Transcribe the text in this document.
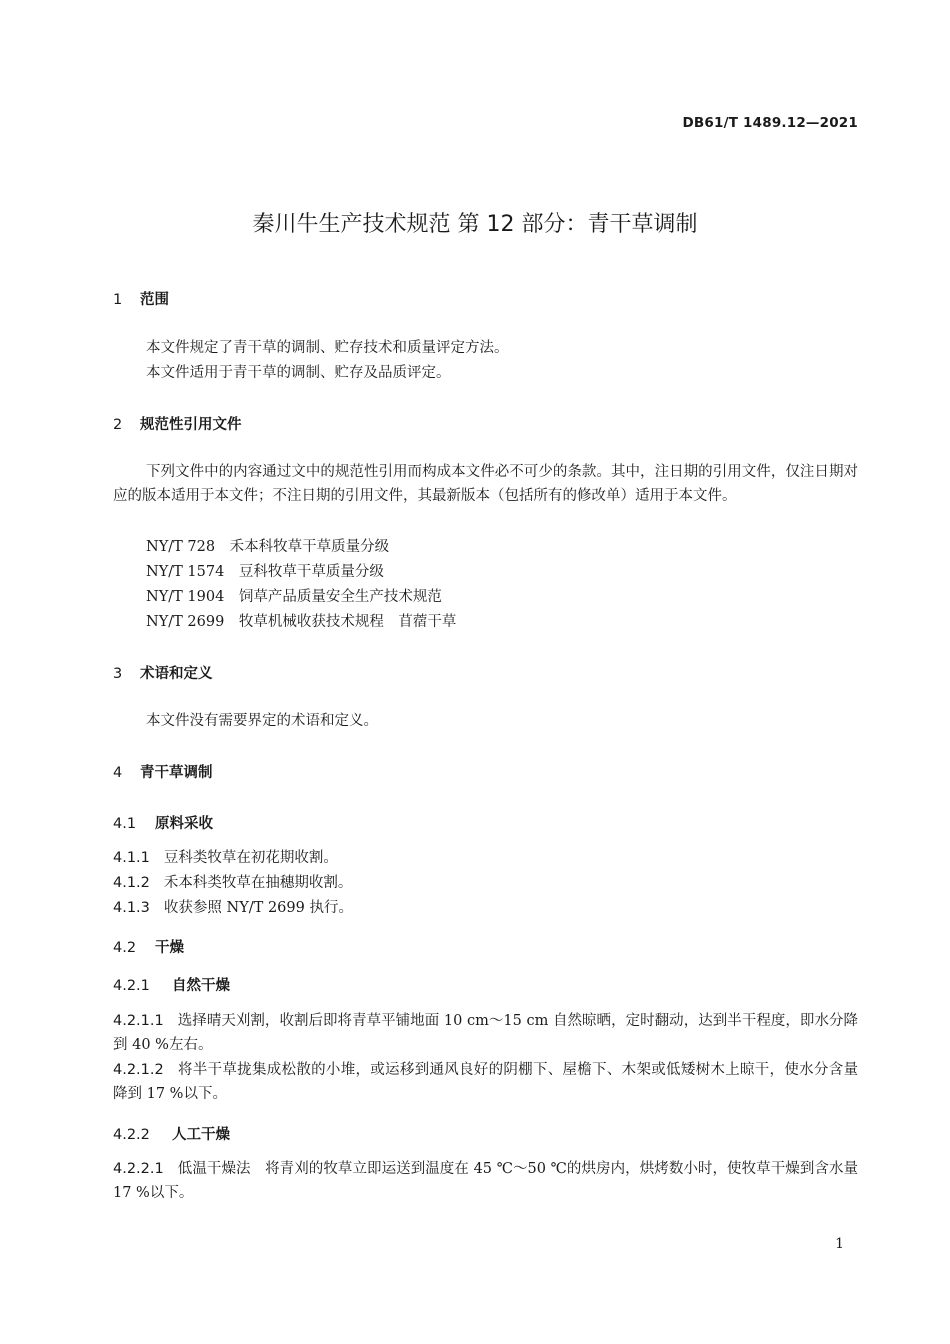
DB61/T 1489.12—2021
秦川牛生产技术规范 第 12 部分：青干草调制
1 范围
本文件规定了青干草的调制、贮存技术和质量评定方法。
本文件适用于青干草的调制、贮存及品质评定。
2 规范性引用文件
下列文件中的内容通过文中的规范性引用而构成本文件必不可少的条款。其中，注日期的引用文件，仅注日期对应的版本适用于本文件；不注日期的引用文件，其最新版本（包括所有的修改单）适用于本文件。
NY/T 728　 禾本科牧草干草质量分级
NY/T 1574　 豆科牧草干草质量分级
NY/T 1904　 饲草产品质量安全生产技术规范
NY/T 2699　 牧草机械收获技术规程　苜蓿干草
3 术语和定义
本文件没有需要界定的术语和定义。
4 青干草调制
4.1 原料采收
4.1.1 豆科类牧草在初花期收割。
4.1.2 禾本科类牧草在抽穗期收割。
4.1.3 收获参照 NY/T 2699 执行。
4.2 干燥
4.2.1 自然干燥
4.2.1.1 选择晴天刈割，收割后即将青草平铺地面 10 cm～15 cm 自然晾晒，定时翻动，达到半干程度，即水分降到 40 %左右。
4.2.1.2 将半干草拢集成松散的小堆，或运移到通风良好的阴棚下、屋檐下、木架或低矮树木上晾干，使水分含量降到 17 %以下。
4.2.2 人工干燥
4.2.2.1 低温干燥法　将青刈的牧草立即运送到温度在 45 ℃～50 ℃的烘房内，烘烤数小时，使牧草干燥到含水量 17 %以下。
1
